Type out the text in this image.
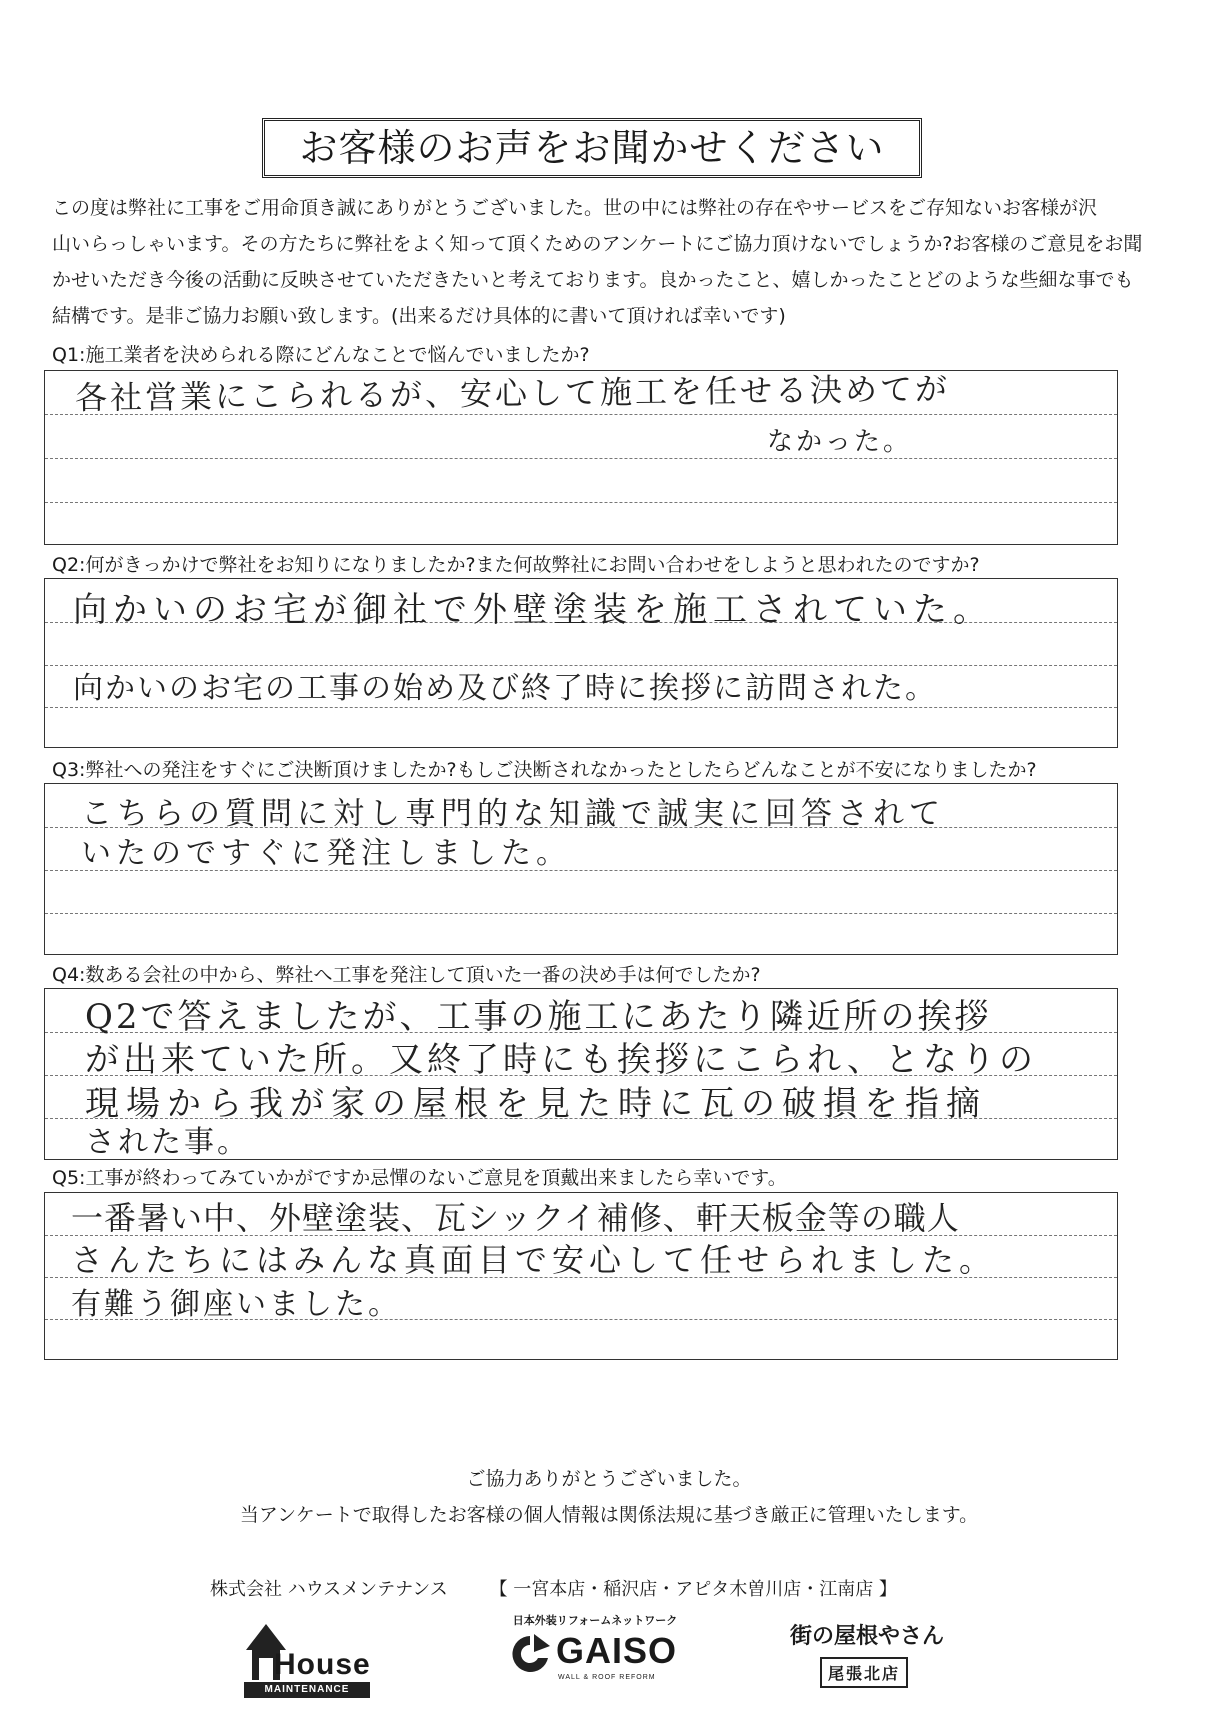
お客様のお声をお聞かせください
この度は弊社に工事をご用命頂き誠にありがとうございました。世の中には弊社の存在やサービスをご存知ないお客様が沢
山いらっしゃいます。その方たちに弊社をよく知って頂くためのアンケートにご協力頂けないでしょうか?お客様のご意見をお聞
かせいただき今後の活動に反映させていただきたいと考えております。良かったこと、嬉しかったことどのような些細な事でも
結構です。是非ご協力お願い致します。(出来るだけ具体的に書いて頂ければ幸いです)

Q1:施工業者を決められる際にどんなことで悩んでいましたか?

各社営業にこられるが、安心して施工を任せる決めてが
なかった。

Q2:何がきっかけで弊社をお知りになりましたか?また何故弊社にお問い合わせをしようと思われたのですか?

向かいのお宅が御社で外壁塗装を施工されていた。
向かいのお宅の工事の始め及び終了時に挨拶に訪問された。

Q3:弊社への発注をすぐにご決断頂けましたか?もしご決断されなかったとしたらどんなことが不安になりましたか?

こちらの質問に対し専門的な知識で誠実に回答されて
いたのですぐに発注しました。

Q4:数ある会社の中から、弊社へ工事を発注して頂いた一番の決め手は何でしたか?

Q2で答えましたが、工事の施工にあたり隣近所の挨拶
が出来ていた所。又終了時にも挨拶にこられ、となりの
現場から我が家の屋根を見た時に瓦の破損を指摘
された事。

Q5:工事が終わってみていかがですか忌憚のないご意見を頂戴出来ましたら幸いです。

一番暑い中、外壁塗装、瓦シックイ補修、軒天板金等の職人
さんたちにはみんな真面目で安心して任せられました。
有難う御座いました。

ご協力ありがとうございました。

当アンケートで取得したお客様の個人情報は関係法規に基づき厳正に管理いたします。

株式会社 ハウスメンテナンス 【 一宮本店・稲沢店・アピタ木曽川店・江南店 】
House
MAINTENANCE
日本外装リフォームネットワーク
GAISO
WALL & ROOF REFORM
街の屋根やさん
尾張北店
